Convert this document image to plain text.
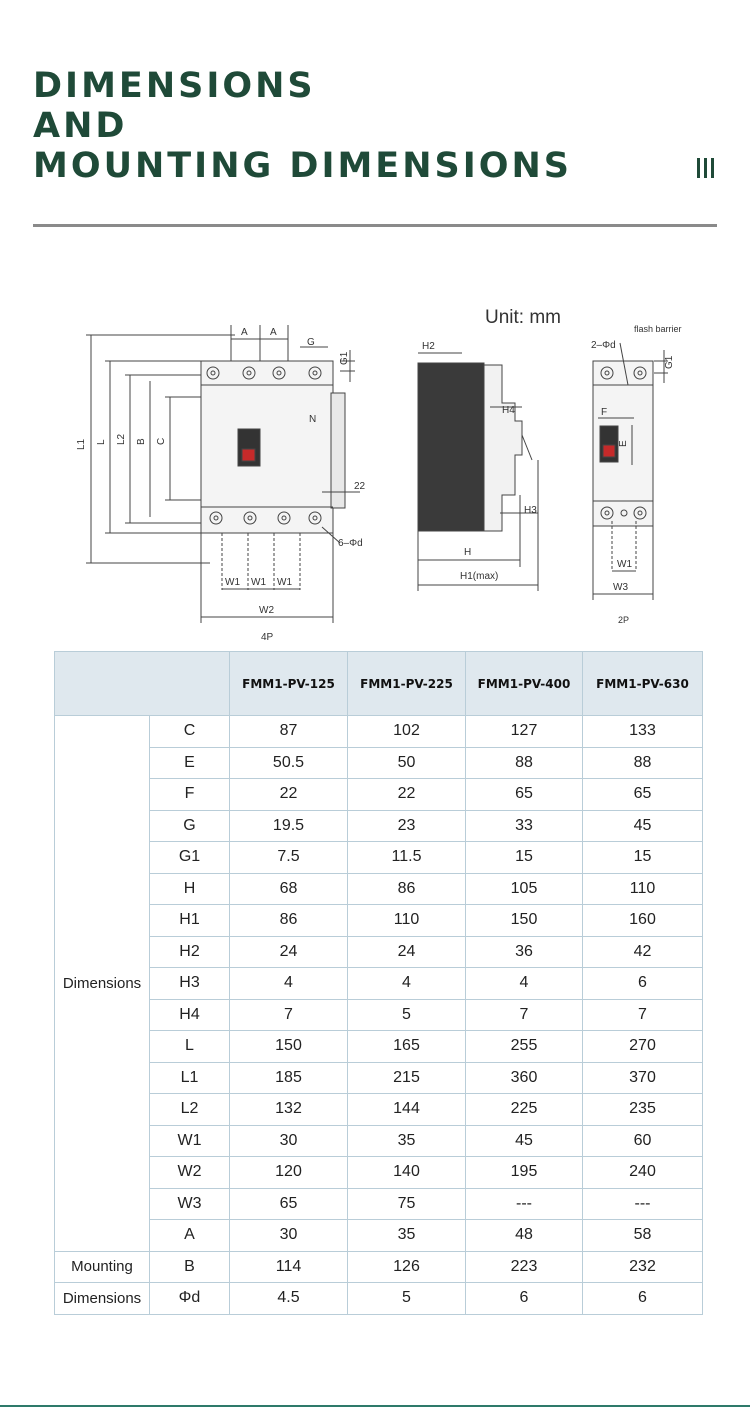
DIMENSIONS
AND
MOUNTING DIMENSIONS
L1 L L2 B C
A A
G
G1
N
22
6–Φd
W1 W1 W1
W2
4P
H2
H4
H3
H
H1(max)
2–Φd
flash barrier
G1
F
E
W1
W3
2P
Unit: mm
		FMM1-PV-125	FMM1-PV-225	FMM1-PV-400	FMM1-PV-630
Dimensions	C	87	102	127	133
	E	50.5	50	88	88
	F	22	22	65	65
	G	19.5	23	33	45
	G1	7.5	11.5	15	15
	H	68	86	105	110
	H1	86	110	150	160
	H2	24	24	36	42
	H3	4	4	4	6
	H4	7	5	7	7
	L	150	165	255	270
	L1	185	215	360	370
	L2	132	144	225	235
	W1	30	35	45	60
	W2	120	140	195	240
	W3	65	75	---	---
	A	30	35	48	58
Mounting	B	114	126	223	232
Dimensions	Φd	4.5	5	6	6
